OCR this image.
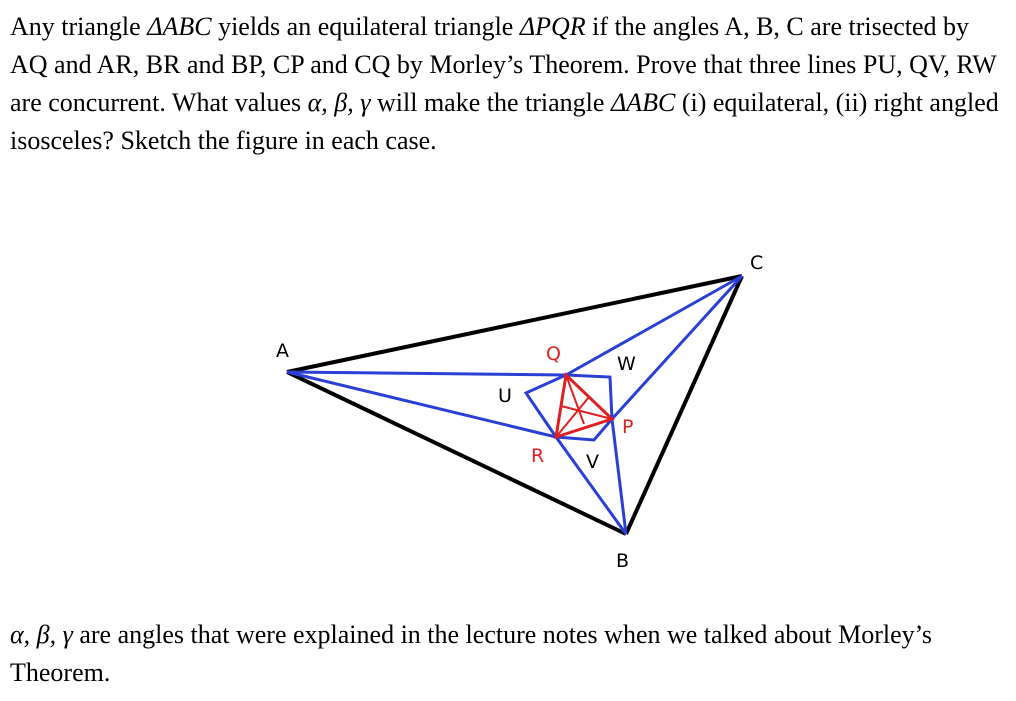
Any triangle ΔABC yields an equilateral triangle ΔPQR if the angles A, B, C are trisected by AQ and AR, BR and BP, CP and CQ by Morley’s Theorem. Prove that three lines PU, QV, RW are concurrent. What values α, β, γ will make the triangle ΔABC (i) equilateral, (ii) right angled isosceles? Sketch the figure in each case.

A
B
C
P
Q
R
U
V
W

α, β, γ are angles that were explained in the lecture notes when we talked about Morley’s Theorem.
